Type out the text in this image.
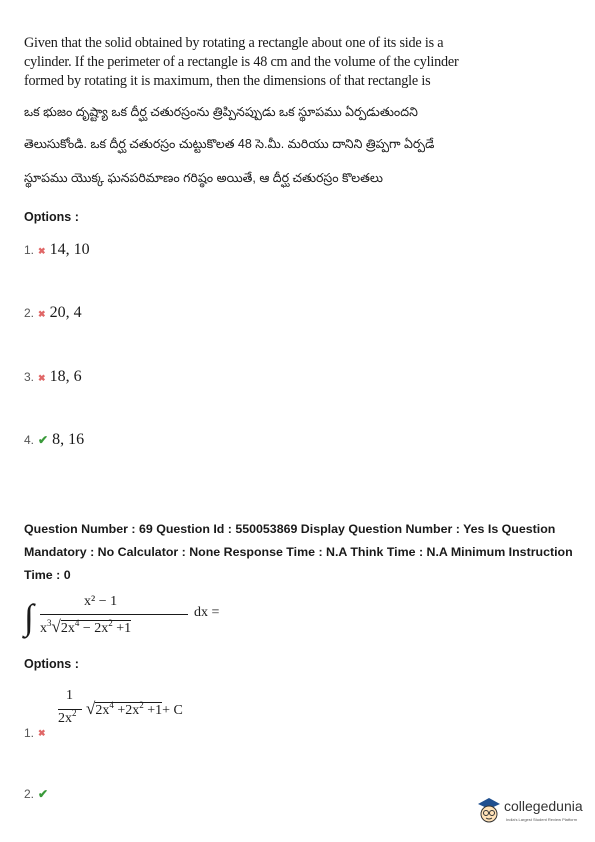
Given that the solid obtained by rotating a rectangle about one of its side is a cylinder. If the perimeter of a rectangle is 48 cm and the volume of the cylinder formed by rotating it is maximum, then the dimensions of that rectangle is
ఒక భుజం దృష్ట్యా ఒక దీర్ఘ చతురస్రంను త్రిప్పినప్పుడు ఒక స్థూపము ఏర్పడుతుందని
తెలుసుకోండి. ఒక దీర్ఘ చతురస్రం చుట్టుకొలత 48 సె.మీ. మరియు దానిని త్రిప్పగా ఏర్పడే
స్థూపము యొక్క ఘనపరిమాణం గరిష్ఠం అయితే, ఆ దీర్ఘ చతురస్రం కొలతలు
Options :
1. ✖ 14, 10
2. ✖ 20, 4
3. ✖ 18, 6
4. ✔ 8, 16
Question Number : 69 Question Id : 550053869 Display Question Number : Yes Is Question Mandatory : No Calculator : None Response Time : N.A Think Time : N.A Minimum Instruction Time : 0
∫	x² − 1
$x^3√2x^4 - 2x^2 +1$
dx =
Options :
1. ✖
1
$2x^2$ $√2x^4 +2x^2 +1+ C$
2. ✔
collegedunia
India's Largest Student Review Platform
